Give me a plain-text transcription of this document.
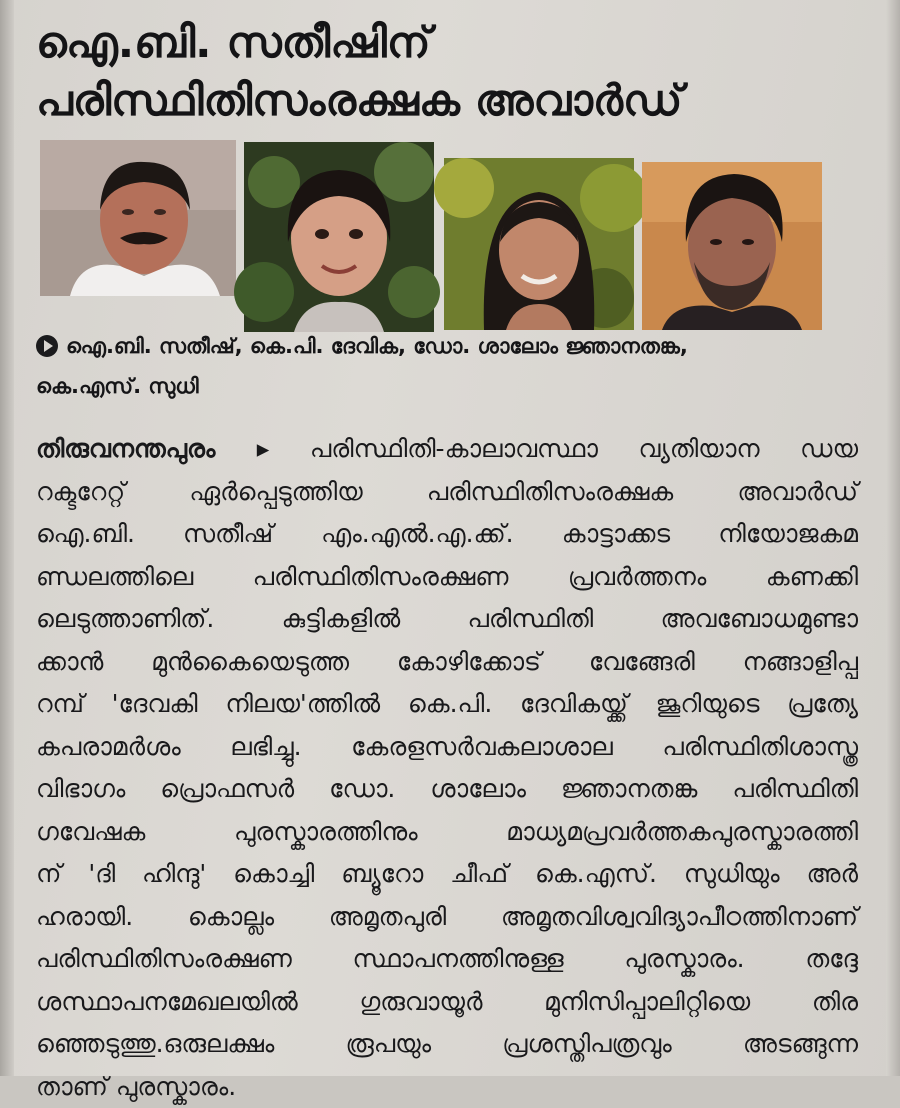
ഐ.ബി. സതീഷിന്
പരിസ്ഥിതിസംരക്ഷക അവാർഡ്
ഐ.ബി. സതീഷ്, കെ.പി. ദേവിക, ഡോ. ശാലോം ജ്ഞാനതങ്ക,
കെ.എസ്. സുധി
തിരുവനന്തപുരം ▸ പരിസ്ഥിതി-കാലാവസ്ഥാ വ്യതിയാന ഡയ
റക്ടറേറ്റ് ഏർപ്പെടുത്തിയ പരിസ്ഥിതിസംരക്ഷക അവാർഡ്
ഐ.ബി. സതീഷ് എം.എൽ.എ.ക്ക്. കാട്ടാക്കട നിയോജകമ
ണ്ഡലത്തിലെ പരിസ്ഥിതിസംരക്ഷണ പ്രവർത്തനം കണക്കി
ലെടുത്താണിത്. കുട്ടികളിൽ പരിസ്ഥിതി അവബോധമുണ്ടാ
ക്കാൻ മുൻകൈയെടുത്ത കോഴിക്കോട് വേങ്ങേരി നങ്ങാളിപ്പ
റമ്പ് 'ദേവകി നിലയ'ത്തിൽ കെ.പി. ദേവികയ്ക്ക് ജൂറിയുടെ പ്രത്യേ
കപരാമർശം ലഭിച്ചു. കേരളസർവകലാശാല പരിസ്ഥിതിശാസ്ത്ര
വിഭാഗം പ്രൊഫസർ ഡോ. ശാലോം ജ്ഞാനതങ്ക പരിസ്ഥിതി
ഗവേഷക പുരസ്കാരത്തിനും മാധ്യമപ്രവർത്തകപുരസ്കാരത്തി
ന് 'ദി ഹിന്ദു' കൊച്ചി ബ്യൂറോ ചീഫ് കെ.എസ്. സുധിയും അർ
ഹരായി. കൊല്ലം അമൃതപുരി അമൃതവിശ്വവിദ്യാപീഠത്തിനാണ്
പരിസ്ഥിതിസംരക്ഷണ സ്ഥാപനത്തിനുള്ള പുരസ്കാരം. തദ്ദേ
ശസ്ഥാപനമേഖലയിൽ ഗുരുവായൂർ മുനിസിപ്പാലിറ്റിയെ തിര
ഞ്ഞെടുത്തു.ഒരുലക്ഷം രൂപയും പ്രശസ്തിപത്രവും അടങ്ങുന്ന
താണ് പുരസ്കാരം.
